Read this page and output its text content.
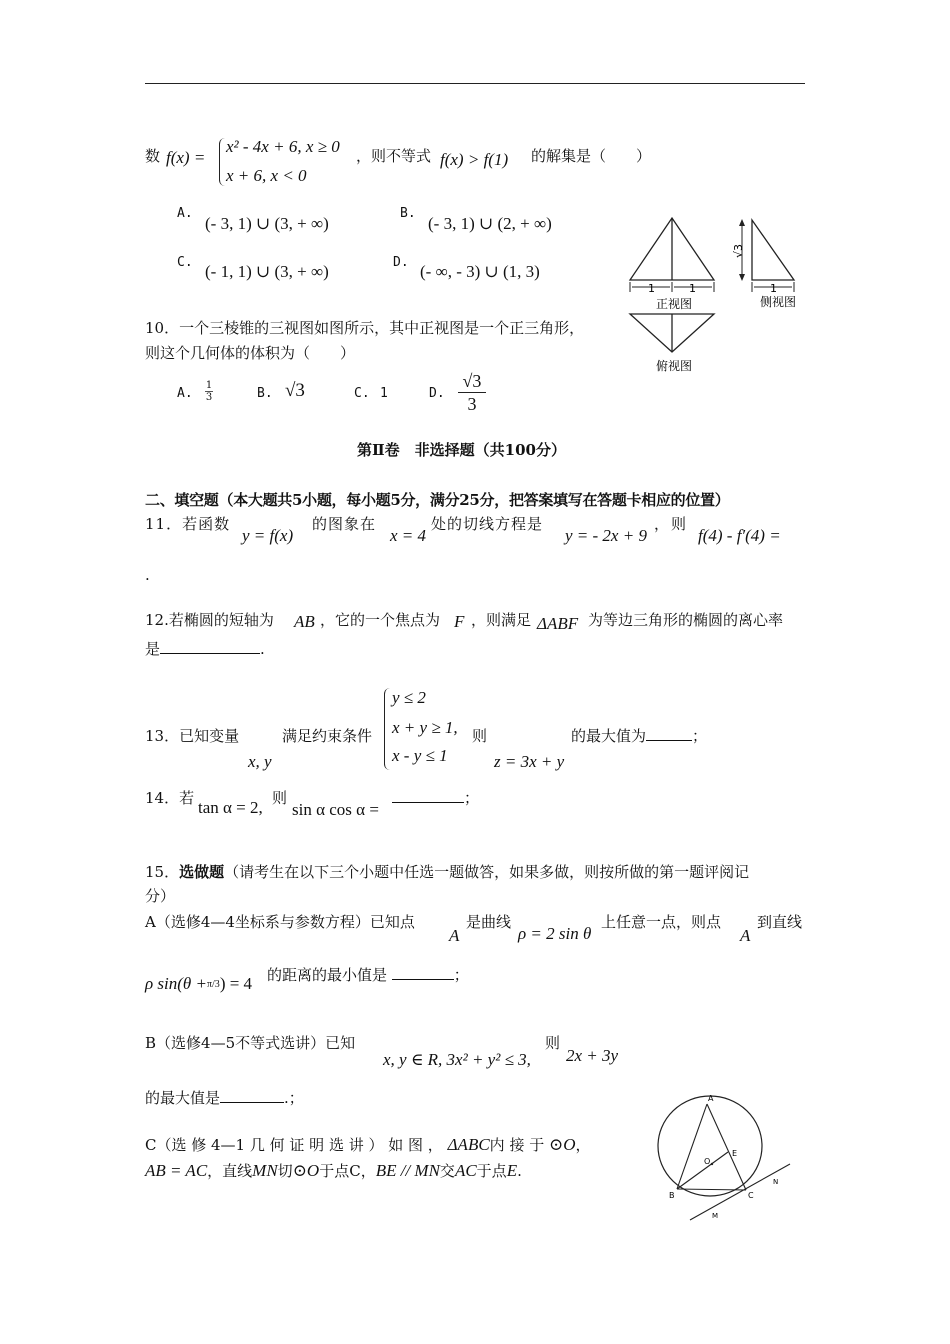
数 f(x) =
x² - 4x + 6, x ≥ 0
x + 6, x < 0
，则不等式 f(x) > f(1) 的解集是（　　）
A.
(- 3, 1) ∪ (3, + ∞)
B.
(- 3, 1) ∪ (2, + ∞)
C. (- 1, 1) ∪ (3, + ∞)	D. (- ∞, - 3) ∪ (1, 3)
1	1
正视图
√3
1
侧视图
俯视图
10．一个三棱锥的三视图如图所示，其中正视图是一个正三角形，
则这个几何体的体积为（　　）
A. $\frac{1}{3}$	B. √3	C. 1	D. $\frac{√3}{3}$
第Ⅱ卷　非选择题（共100分）
二、填空题（本大题共5小题，每小题5分，满分25分，把答案填写在答题卡相应的位置）
11．若函数
y = f(x)
的图象在
x = 4
处的切线方程是
y = - 2x + 9
，则
f(4) - f′(4) =
.
12.若椭圆的短轴为 AB ，它的一个焦点为 F ，则满足 ΔABF 为等边三角形的椭圆的离心率
是	.
13．已知变量
x, y
满足约束条件
y ≤ 2
x + y ≥ 1,
x - y ≤ 1
则
z = 3x + y
的最大值为	；
14．若 tan α = 2, 则
sin α cos α =
；
15．选做题（请考生在以下三个小题中任选一题做答，如果多做，则按所做的第一题评阅记
分）
A（选修4—4坐标系与参数方程）已知点
A
是曲线
ρ = 2 sin θ
上任意一点，则点
A
到直线
ρ sin(θ +π/3) = 4 的距离的最小值是	；
B（选修4—5不等式选讲）已知
x, y ∈ R, 3x² + y² ≤ 3,
则
2x + 3y
的最大值是	.；
C（选 修 4—1 几 何 证 明 选 讲 ） 如 图 ， ΔABC内 接 于 ⊙O，
AB = AC，直线MN切⊙O于点C，BE // MN交AC于点E.
A
B	C
E
O
M
N
